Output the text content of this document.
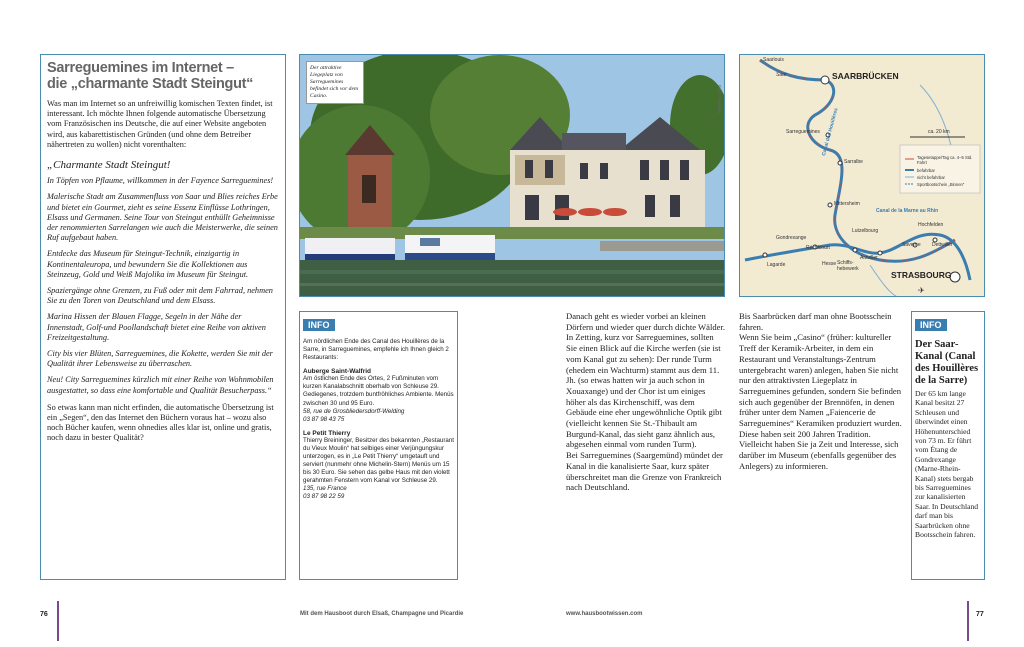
Sarreguemines im Internet –
die „charmante Stadt Steingut“

Was man im Internet so an unfreiwillig komischen Texten findet, ist interessant. Ich möchte Ihnen folgende automatische Übersetzung vom Französischen ins Deutsche, die auf einer Website angeboten wird, aus kabarettistischen Gründen (und ohne dem Betreiber nähertreten zu wollen) nicht vorenthalten:

„Charmante Stadt Steingut!

In Töpfen von Pflaume, willkommen in der Fayence Sarreguemines!

Malerische Stadt am Zusammenfluss von Saar und Blies reiches Erbe und bietet ein Gourmet, zieht es seine Essenz Einflüsse Lothringen, Elsass und Germanen. Seine Tour von Steingut enthüllt Geheimnisse der renommierten Sarrelangen wie auch die Meisterwerke, die seinen Ruf aufgebaut haben.

Entdecke das Museum für Steingut-Technik, einzigartig in Kontinentaleuropa, und bewundern Sie die Kollektionen aus Steinzeug, Gold und Weiß Majolika im Museum für Steingut.

Spaziergänge ohne Grenzen, zu Fuß oder mit dem Fahrrad, nehmen Sie zu den Toren von Deutschland und dem Elsass.

Marina Hissen der Blauen Flagge, Segeln in der Nähe der Innenstadt, Golf-und Poollandschaft bietet eine Reihe von aktiven Freizeitgestaltung.

City bis vier Blüten, Sarreguemines, die Kokette, werden Sie mit der Qualität ihrer Lebensweise zu überraschen.

Neu! City Sarreguemines kürzlich mit einer Reihe von Wohnmobilen ausgestattet, so dass eine komfortable und Qualität Besucherpass.“

So etwas kann man nicht erfinden, die automatische Übersetzung ist ein „Segen“, den das Internet den Büchern voraus hat – wozu also noch Bücher kaufen, wenn ohnedies alles klar ist, online und gratis, noch dazu in bester Qualität?

Der attraktive Liegeplatz von Sarreguemines befindet sich vor dem Casino.	Foto: Pawlicki
Saarlouis
Saar	SAARBRÜCKEN
Sarreguemines
Sarralbe
Canal des Houillères
Mittersheim
Canal de la Marne au Rhin
Lutzelbourg
Hochfelden
Gondrexange
Réchicourt	Saverne Dettwiller
Lagarde	Hesse Schiffs-hebewerk
Arzviller
STRASBOURG
ca. 20 km
Tagesetappe/Tag ca. 4–5 Std. Fahrt
befahrbar
nicht befahrbar
Sportbootschein „Binnen“
✈
INFO
Am nördlichen Ende des Canal des Houillères de la Sarre, in Sarreguemines, empfehle ich Ihnen gleich 2 Restaurants:
Auberge Saint-Walfrid
Am östlichen Ende des Ortes, 2 Fußminuten vom kurzen Kanalabschnitt oberhalb von Schleuse 29. Gediegenes, trotzdem buntfröhliches Ambiente. Menüs zwischen 30 und 95 Euro.
58, rue de Grosbliedersdorff-Welding
03 87 98 43 75
Le Petit Thierry
Thierry Breininger, Besitzer des bekannten „Restaurant du Vieux Moulin“ hat selbiges einer Verjüngungskur unterzogen, es in „Le Petit Thierry“ umgetauft und serviert (nunmehr ohne Michelin-Stern) Menüs um 15 bis 30 Euro. Sie sehen das gelbe Haus mit den violett gerahmten Fenstern vom Kanal vor Schleuse 29.
135, rue France
03 87 98 22 59

Danach geht es wieder vorbei an kleinen Dörfern und wieder quer durch dichte Wälder. In Zetting, kurz vor Sarreguemines, sollten Sie einen Blick auf die Kirche werfen (sie ist vom Kanal gut zu sehen): Der runde Turm (ehedem ein Wachturm) stammt aus dem 11. Jh. (so etwas hatten wir ja auch schon in Xouaxange) und der Chor ist um einiges höher als das Kirchenschiff, was dem Gebäude eine eher ungewöhnliche Optik gibt (vielleicht kennen Sie St.-Thibault am Burgund-Kanal, das sieht ganz ähnlich aus, abgesehen einmal vom runden Turm).

Bei Sarreguemines (Saargemünd) mündet der Kanal in die kanalisierte Saar, kurz später überschreitet man die Grenze von Frankreich nach Deutschland.

Bis Saarbrücken darf man ohne Bootsschein fahren.

Wenn Sie beim „Casino“ (früher: kultureller Treff der Keramik-Arbeiter, in dem ein Restaurant und Veranstaltungs-Zentrum untergebracht waren) anlegen, haben Sie nicht nur den attraktivsten Liegeplatz in Sarreguemines gefunden, sondern Sie befinden sich auch gegenüber der Brennöfen, in denen früher unter dem Namen „Faiencerie de Sarreguemines“ Keramiken produziert wurden. Diese haben seit 200 Jahren Tradition. Vielleicht haben Sie ja Zeit und Interesse, sich darüber im Museum (ebenfalls gegenüber des Anlegers) zu informieren.

INFO
Der Saar-Kanal (Canal des Houillères de la Sarre)
Der 65 km lange Kanal besitzt 27 Schleusen und überwindet einen Höhenunterschied von 73 m. Er führt vom Étang de Gondrexange (Marne-Rhein-Kanal) stets bergab bis Sarreguemines zur kanalisierten Saar. In Deutschland darf man bis Saarbrücken ohne Bootsschein fahren.
76	Mit dem Hausboot durch Elsaß, Champagne und Picardie	www.hausbootwissen.com	77
